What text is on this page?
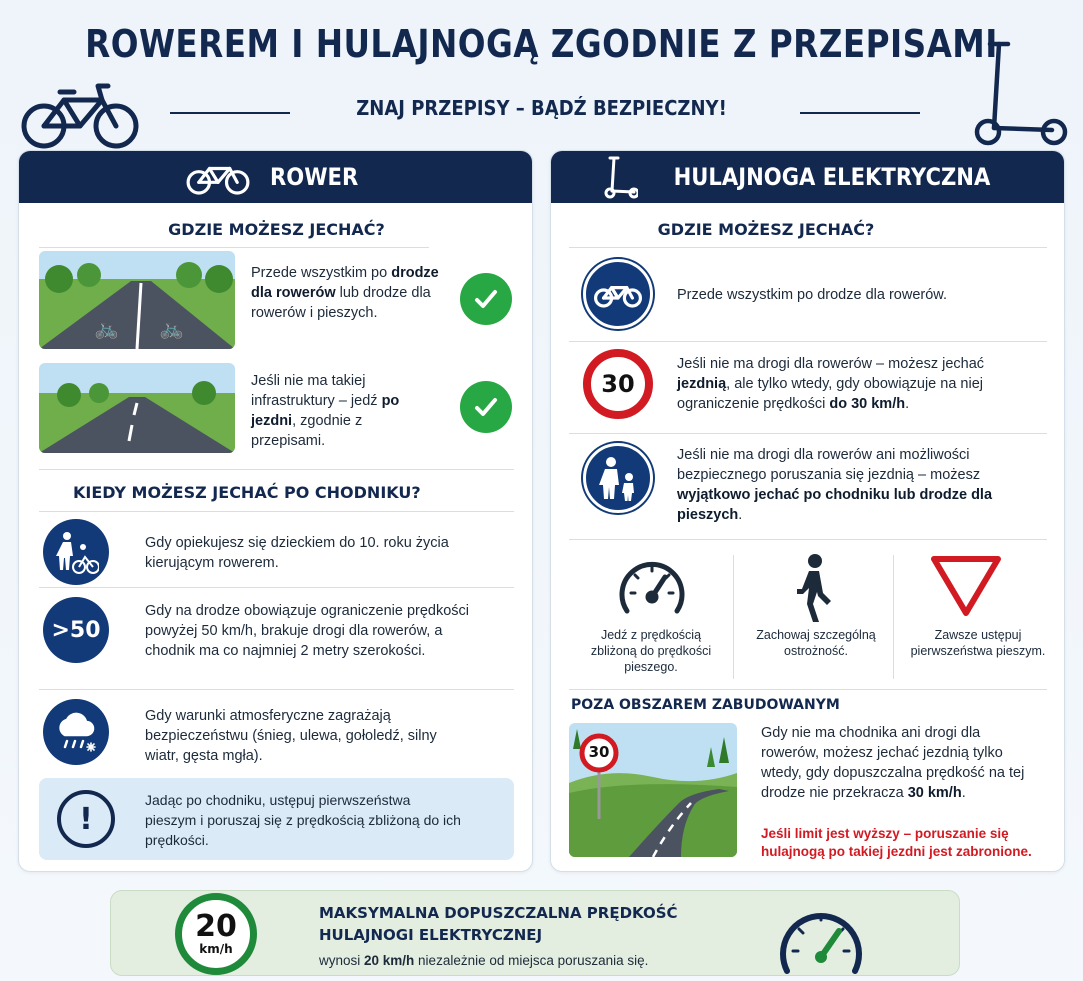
ROWEREM I HULAJNOGĄ ZGODNIE Z PRZEPISAMI
ZNAJ PRZEPISY – BĄDŹ BEZPIECZNY!
ROWER
GDZIE MOŻESZ JECHAĆ?
🚲 🚲
Przede wszystkim po drodze dla rowerów lub drodze dla rowerów i pieszych.
Jeśli nie ma takiej infrastruktury – jedź po jezdni, zgodnie z przepisami.
KIEDY MOŻESZ JECHAĆ PO CHODNIKU?
Gdy opiekujesz się dzieckiem do 10. roku życia kierującym rowerem.
>50
Gdy na drodze obowiązuje ograniczenie prędkości powyżej 50 km/h, brakuje drogi dla rowerów, a chodnik ma co najmniej 2 metry szerokości.
Gdy warunki atmosferyczne zagrażają bezpieczeństwu (śnieg, ulewa, gołoledź, silny wiatr, gęsta mgła).
!
Jadąc po chodniku, ustępuj pierwszeństwa pieszym i poruszaj się z prędkością zbliżoną do ich prędkości.
HULAJNOGA ELEKTRYCZNA
GDZIE MOŻESZ JECHAĆ?
Przede wszystkim po drodze dla rowerów.
30
Jeśli nie ma drogi dla rowerów – możesz jechać jezdnią, ale tylko wtedy, gdy obowiązuje na niej ograniczenie prędkości do 30 km/h.
Jeśli nie ma drogi dla rowerów ani możliwości bezpiecznego poruszania się jezdnią – możesz wyjątkowo jechać po chodniku lub drodze dla pieszych.
Jedź z prędkością zbliżoną do prędkości pieszego.
Zachowaj szczególną ostrożność.
Zawsze ustępuj pierwszeństwa pieszym.
POZA OBSZAREM ZABUDOWANYM
30
Gdy nie ma chodnika ani drogi dla rowerów, możesz jechać jezdnią tylko wtedy, gdy dopuszczalna prędkość na tej drodze nie przekracza 30 km/h.
Jeśli limit jest wyższy – poruszanie się hulajnogą po takiej jezdni jest zabronione.
20
km/h
MAKSYMALNA DOPUSZCZALNA PRĘDKOŚĆ
HULAJNOGI ELEKTRYCZNEJ
wynosi 20 km/h niezależnie od miejsca poruszania się.
